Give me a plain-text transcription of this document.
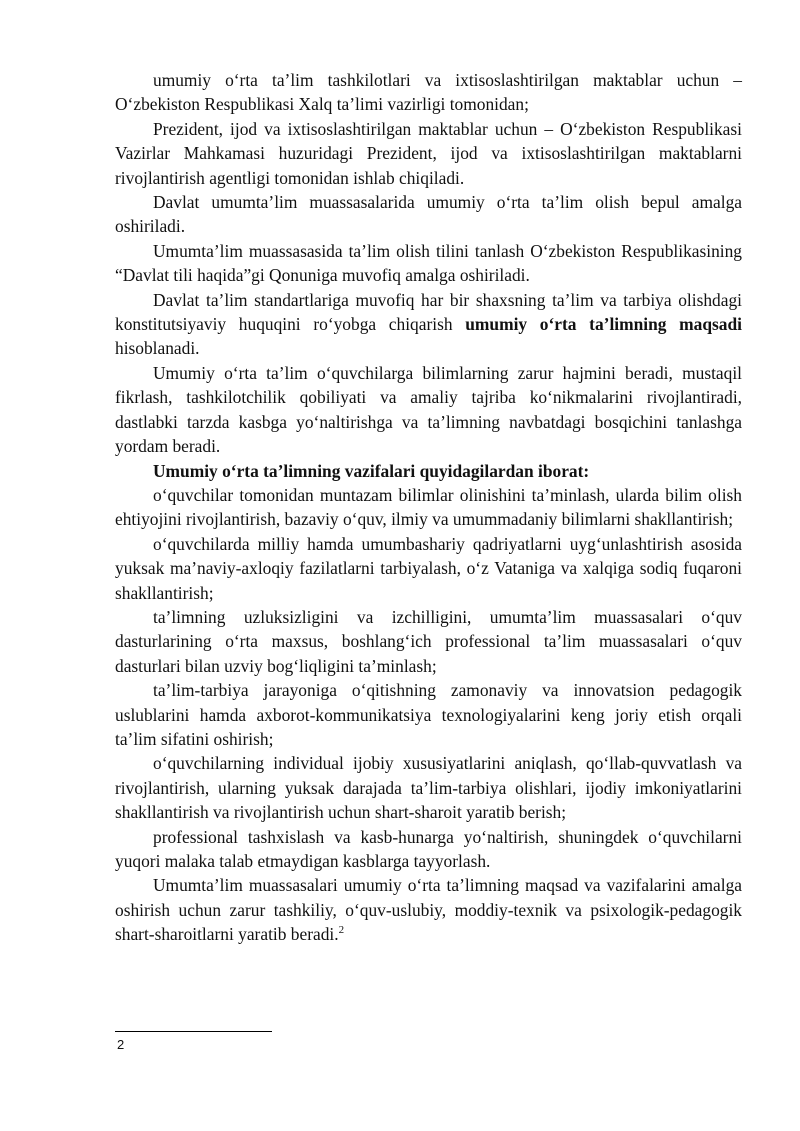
umumiy o‘rta ta’lim tashkilotlari va ixtisoslashtirilgan maktablar uchun – O‘zbekiston Respublikasi Xalq ta’limi vazirligi tomonidan;

Prezident, ijod va ixtisoslashtirilgan maktablar uchun – O‘zbekiston Respublikasi Vazirlar Mahkamasi huzuridagi Prezident, ijod va ixtisoslashtirilgan maktablarni rivojlantirish agentligi tomonidan ishlab chiqiladi.

Davlat umumta’lim muassasalarida umumiy o‘rta ta’lim olish bepul amalga oshiriladi.

Umumta’lim muassasasida ta’lim olish tilini tanlash O‘zbekiston Respublikasining “Davlat tili haqida”gi Qonuniga muvofiq amalga oshiriladi.

Davlat ta’lim standartlariga muvofiq har bir shaxsning ta’lim va tarbiya olishdagi konstitutsiyaviy huquqini ro‘yobga chiqarish umumiy o‘rta ta’limning maqsadi hisoblanadi.

Umumiy o‘rta ta’lim o‘quvchilarga bilimlarning zarur hajmini beradi, mustaqil fikrlash, tashkilotchilik qobiliyati va amaliy tajriba ko‘nikmalarini rivojlantiradi, dastlabki tarzda kasbga yo‘naltirishga va ta’limning navbatdagi bosqichini tanlashga yordam beradi.

Umumiy o‘rta ta’limning vazifalari quyidagilardan iborat:

o‘quvchilar tomonidan muntazam bilimlar olinishini ta’minlash, ularda bilim olish ehtiyojini rivojlantirish, bazaviy o‘quv, ilmiy va umummadaniy bilimlarni shakllantirish;

o‘quvchilarda milliy hamda umumbashariy qadriyatlarni uyg‘unlashtirish asosida yuksak ma’naviy-axloqiy fazilatlarni tarbiyalash, o‘z Vataniga va xalqiga sodiq fuqaroni shakllantirish;

ta’limning uzluksizligini va izchilligini, umumta’lim muassasalari o‘quv dasturlarining o‘rta maxsus, boshlang‘ich professional ta’lim muassasalari o‘quv dasturlari bilan uzviy bog‘liqligini ta’minlash;

ta’lim-tarbiya jarayoniga o‘qitishning zamonaviy va innovatsion pedagogik uslublarini hamda axborot-kommunikatsiya texnologiyalarini keng joriy etish orqali ta’lim sifatini oshirish;

o‘quvchilarning individual ijobiy xususiyatlarini aniqlash, qo‘llab-quvvatlash va rivojlantirish, ularning yuksak darajada ta’lim-tarbiya olishlari, ijodiy imkoniyatlarini shakllantirish va rivojlantirish uchun shart-sharoit yaratib berish;

professional tashxislash va kasb-hunarga yo‘naltirish, shuningdek o‘quvchilarni yuqori malaka talab etmaydigan kasblarga tayyorlash.

Umumta’lim muassasalari umumiy o‘rta ta’limning maqsad va vazifalarini amalga oshirish uchun zarur tashkiliy, o‘quv-uslubiy, moddiy-texnik va psixologik-pedagogik shart-sharoitlarni yaratib beradi.$^2$

2
